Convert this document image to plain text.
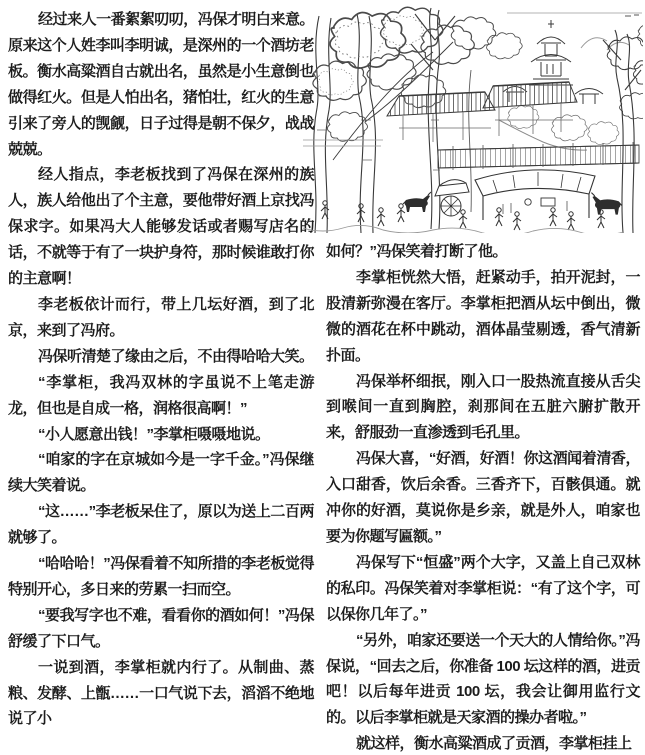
经过来人一番絮絮叨叨，冯保才明白来意。原来这个人姓李叫李明诚，是深州的一个酒坊老板。衡水高粱酒自古就出名，虽然是小生意倒也做得红火。但是人怕出名，猪怕壮，红火的生意引来了旁人的觊觎，日子过得是朝不保夕，战战兢兢。

经人指点，李老板找到了冯保在深州的族人，族人给他出了个主意，要他带好酒上京找冯保求字。如果冯大人能够发话或者赐写店名的话，不就等于有了一块护身符，那时候谁敢打你的主意啊！

李老板依计而行，带上几坛好酒，到了北京，来到了冯府。

冯保听清楚了缘由之后，不由得哈哈大笑。

“李掌柜，我冯双林的字虽说不上笔走游龙，但也是自成一格，润格很高啊！”

“小人愿意出钱！”李掌柜嗫嗫地说。

“咱家的字在京城如今是一字千金。”冯保继续大笑着说。

“这……”李老板呆住了，原以为送上二百两就够了。

“哈哈哈！”冯保看着不知所措的李老板觉得特别开心，多日来的劳累一扫而空。

“要我写字也不难，看看你的酒如何！”冯保舒缓了下口气。

一说到酒，李掌柜就内行了。从制曲、蒸粮、发酵、上甑……一口气说下去，滔滔不绝地说了小

如何？”冯保笑着打断了他。

李掌柜恍然大悟，赶紧动手，拍开泥封，一股清新弥漫在客厅。李掌柜把酒从坛中倒出，微微的酒花在杯中跳动，酒体晶莹剔透，香气清新扑面。

冯保举杯细抿，刚入口一股热流直接从舌尖到喉间一直到胸腔，刹那间在五脏六腑扩散开来，舒服劲一直渗透到毛孔里。

冯保大喜，“好酒，好酒！你这酒闻着清香，入口甜香，饮后余香。三香齐下，百骸俱通。就冲你的好酒，莫说你是乡亲，就是外人，咱家也要为你题写匾额。”

冯保写下“恒盛”两个大字，又盖上自己双林的私印。冯保笑着对李掌柜说：“有了这个字，可以保你几年了。”

“另外，咱家还要送一个天大的人情给你。”冯保说，“回去之后，你准备 100 坛这样的酒，进贡吧！以后每年进贡 100 坛，我会让御用监行文的。以后李掌柜就是天家酒的操办者啦。”

就这样，衡水高粱酒成了贡酒，李掌柜挂上
